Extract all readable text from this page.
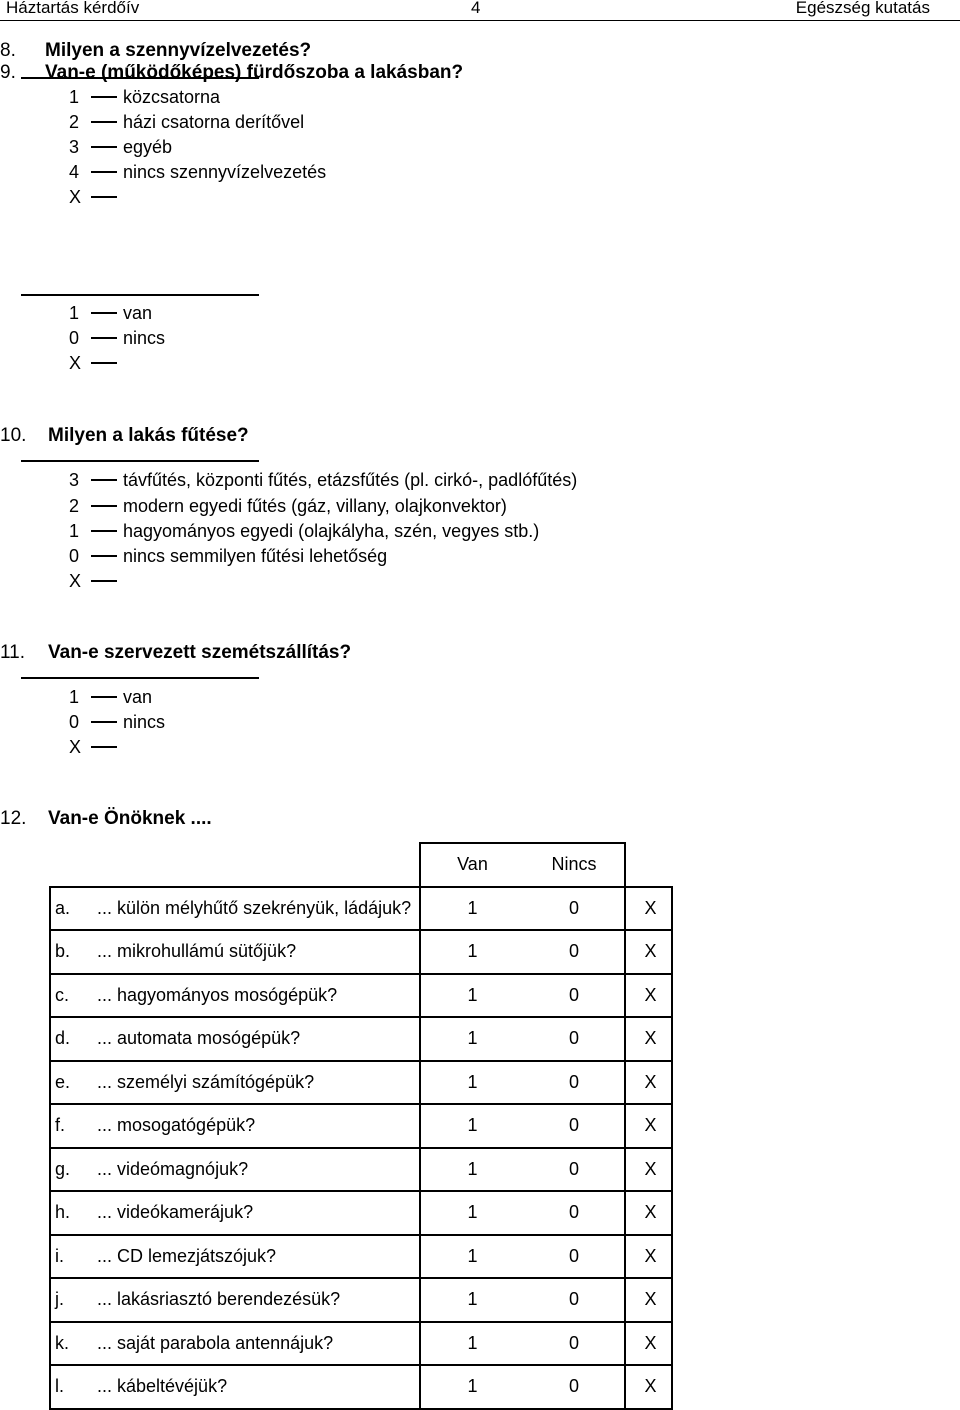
Háztartás kérdőív	4	Egészség kutatás
8. Milyen a szennyvízelvezetés?
1 közcsatorna
2 házi csatorna derítővel
3 egyéb
4 nincs szennyvízelvezetés
X
9. Van-e (működőképes) fürdőszoba a lakásban?
1 van
0 nincs
X
10. Milyen a lakás fűtése?
3 távfűtés, központi fűtés, etázsfűtés (pl. cirkó-, padlófűtés)
2 modern egyedi fűtés (gáz, villany, olajkonvektor)
1 hagyományos egyedi (olajkályha, szén, vegyes stb.)
0 nincs semmilyen fűtési lehetőség
X
11. Van-e szervezett szemétszállítás?
1 van
0 nincs
X
12. Van-e Önöknek ....
	Van	Nincs	
a. ... külön mélyhűtő szekrényük, ládájuk?	1	0	X
b. ... mikrohullámú sütőjük?	1	0	X
c. ... hagyományos mosógépük?	1	0	X
d. ... automata mosógépük?	1	0	X
e. ... személyi számítógépük?	1	0	X
f. ... mosogatógépük?	1	0	X
g. ... videómagnójuk?	1	0	X
h. ... videókamerájuk?	1	0	X
i. ... CD lemezjátszójuk?	1	0	X
j. ... lakásriasztó berendezésük?	1	0	X
k. ... saját parabola antennájuk?	1	0	X
l. ... kábeltévéjük?	1	0	X
